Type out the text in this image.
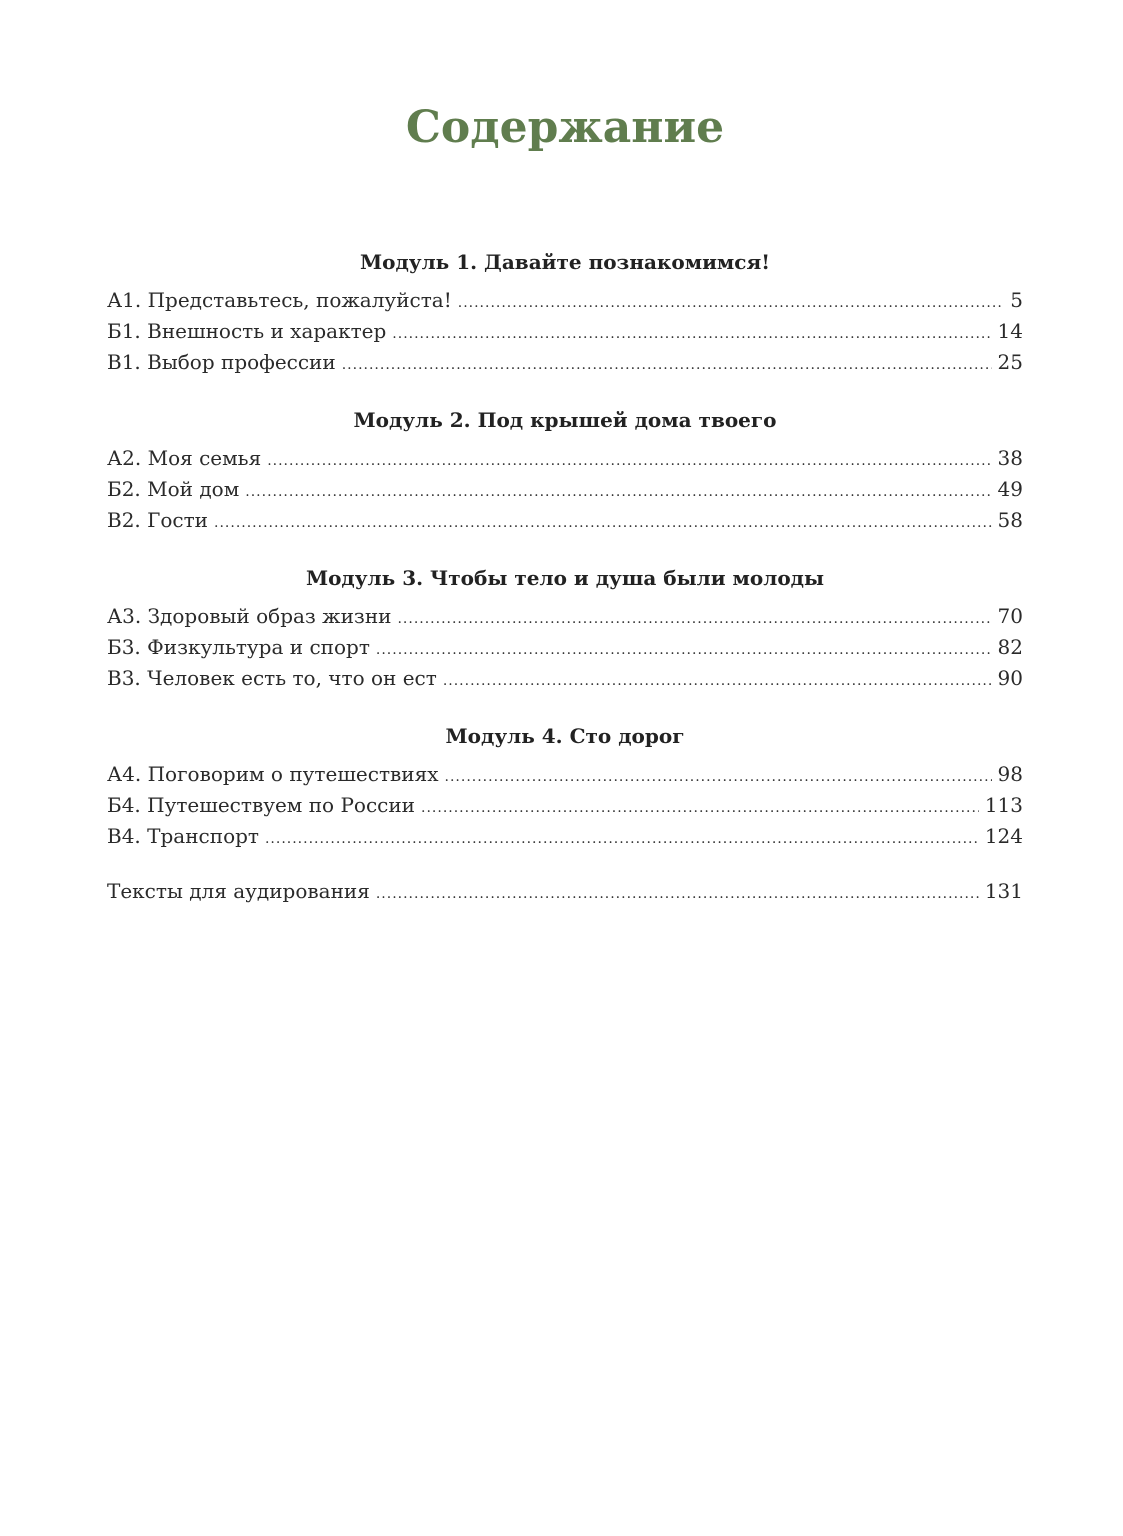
Содержание
Модуль 1. Давайте познакомимся!
А1. Представьтесь, пожалуйста! .....	5
Б1. Внешность и характер .....	14
В1. Выбор профессии .....	25
Модуль 2. Под крышей дома твоего
А2. Моя семья .....	38
Б2. Мой дом .....	49
В2. Гости .....	58
Модуль 3. Чтобы тело и душа были молоды
А3. Здоровый образ жизни .....	70
Б3. Физкультура и спорт .....	82
В3. Человек есть то, что он ест .....	90
Модуль 4. Сто дорог
А4. Поговорим о путешествиях .....	98
Б4. Путешествуем по России .....	113
В4. Транспорт .....	124
Тексты для аудирования .....	131
